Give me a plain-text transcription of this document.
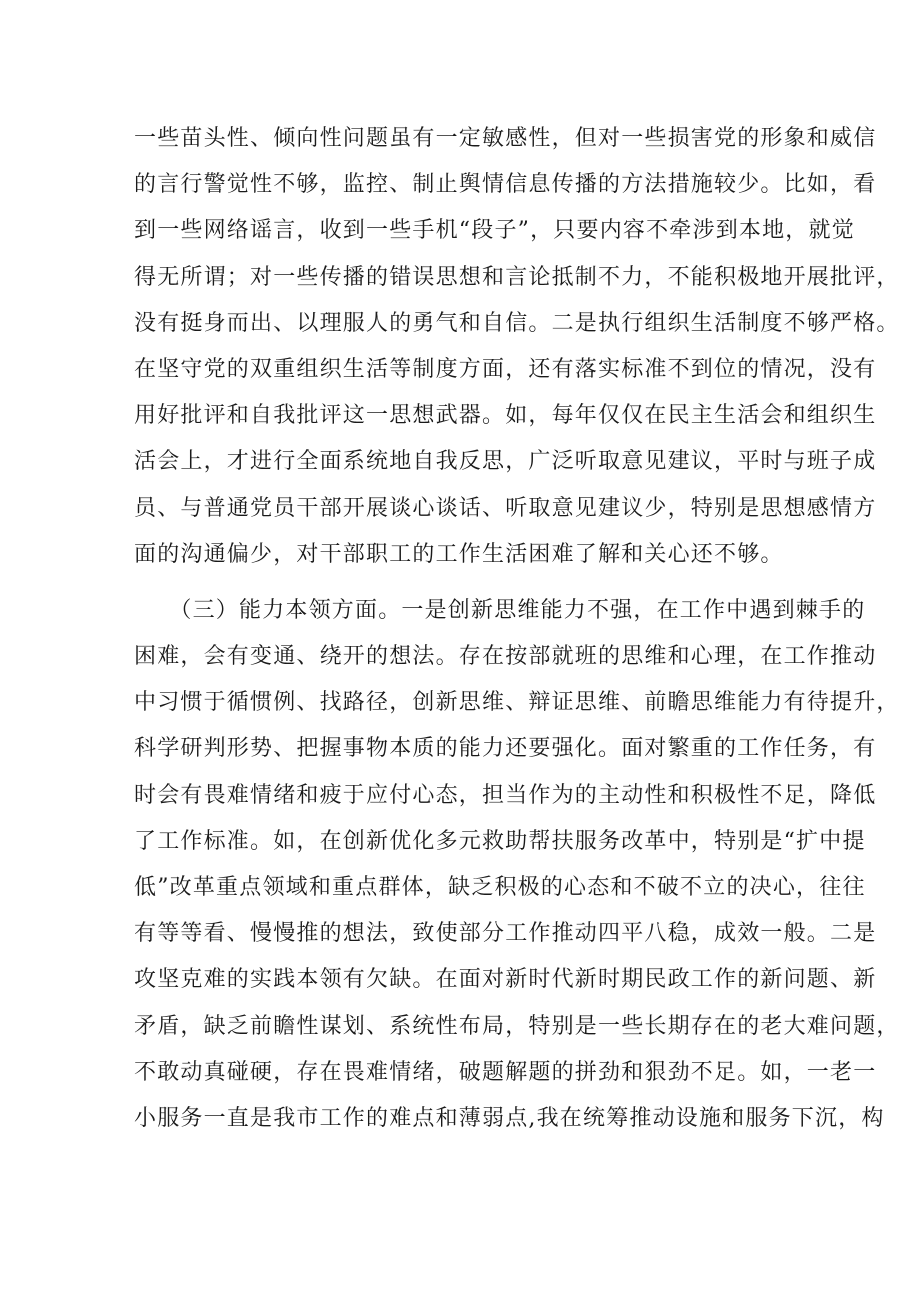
一些苗头性、倾向性问题虽有一定敏感性，但对一些损害党的形象和威信
的言行警觉性不够，监控、制止舆情信息传播的方法措施较少。比如，看
到一些网络谣言，收到一些手机“段子”，只要内容不牵涉到本地，就觉
得无所谓；对一些传播的错误思想和言论抵制不力，不能积极地开展批评，
没有挺身而出、以理服人的勇气和自信。二是执行组织生活制度不够严格。
在坚守党的双重组织生活等制度方面，还有落实标准不到位的情况，没有
用好批评和自我批评这一思想武器。如，每年仅仅在民主生活会和组织生
活会上，才进行全面系统地自我反思，广泛听取意见建议，平时与班子成
员、与普通党员干部开展谈心谈话、听取意见建议少，特别是思想感情方
面的沟通偏少，对干部职工的工作生活困难了解和关心还不够。
　　（三）能力本领方面。一是创新思维能力不强，在工作中遇到棘手的
困难，会有变通、绕开的想法。存在按部就班的思维和心理，在工作推动
中习惯于循惯例、找路径，创新思维、辩证思维、前瞻思维能力有待提升，
科学研判形势、把握事物本质的能力还要强化。面对繁重的工作任务，有
时会有畏难情绪和疲于应付心态，担当作为的主动性和积极性不足，降低
了工作标准。如，在创新优化多元救助帮扶服务改革中，特别是“扩中提
低”改革重点领域和重点群体，缺乏积极的心态和不破不立的决心，往往
有等等看、慢慢推的想法，致使部分工作推动四平八稳，成效一般。二是
攻坚克难的实践本领有欠缺。在面对新时代新时期民政工作的新问题、新
矛盾，缺乏前瞻性谋划、系统性布局，特别是一些长期存在的老大难问题，
不敢动真碰硬，存在畏难情绪，破题解题的拼劲和狠劲不足。如，一老一
小服务一直是我市工作的难点和薄弱点,我在统筹推动设施和服务下沉，构
